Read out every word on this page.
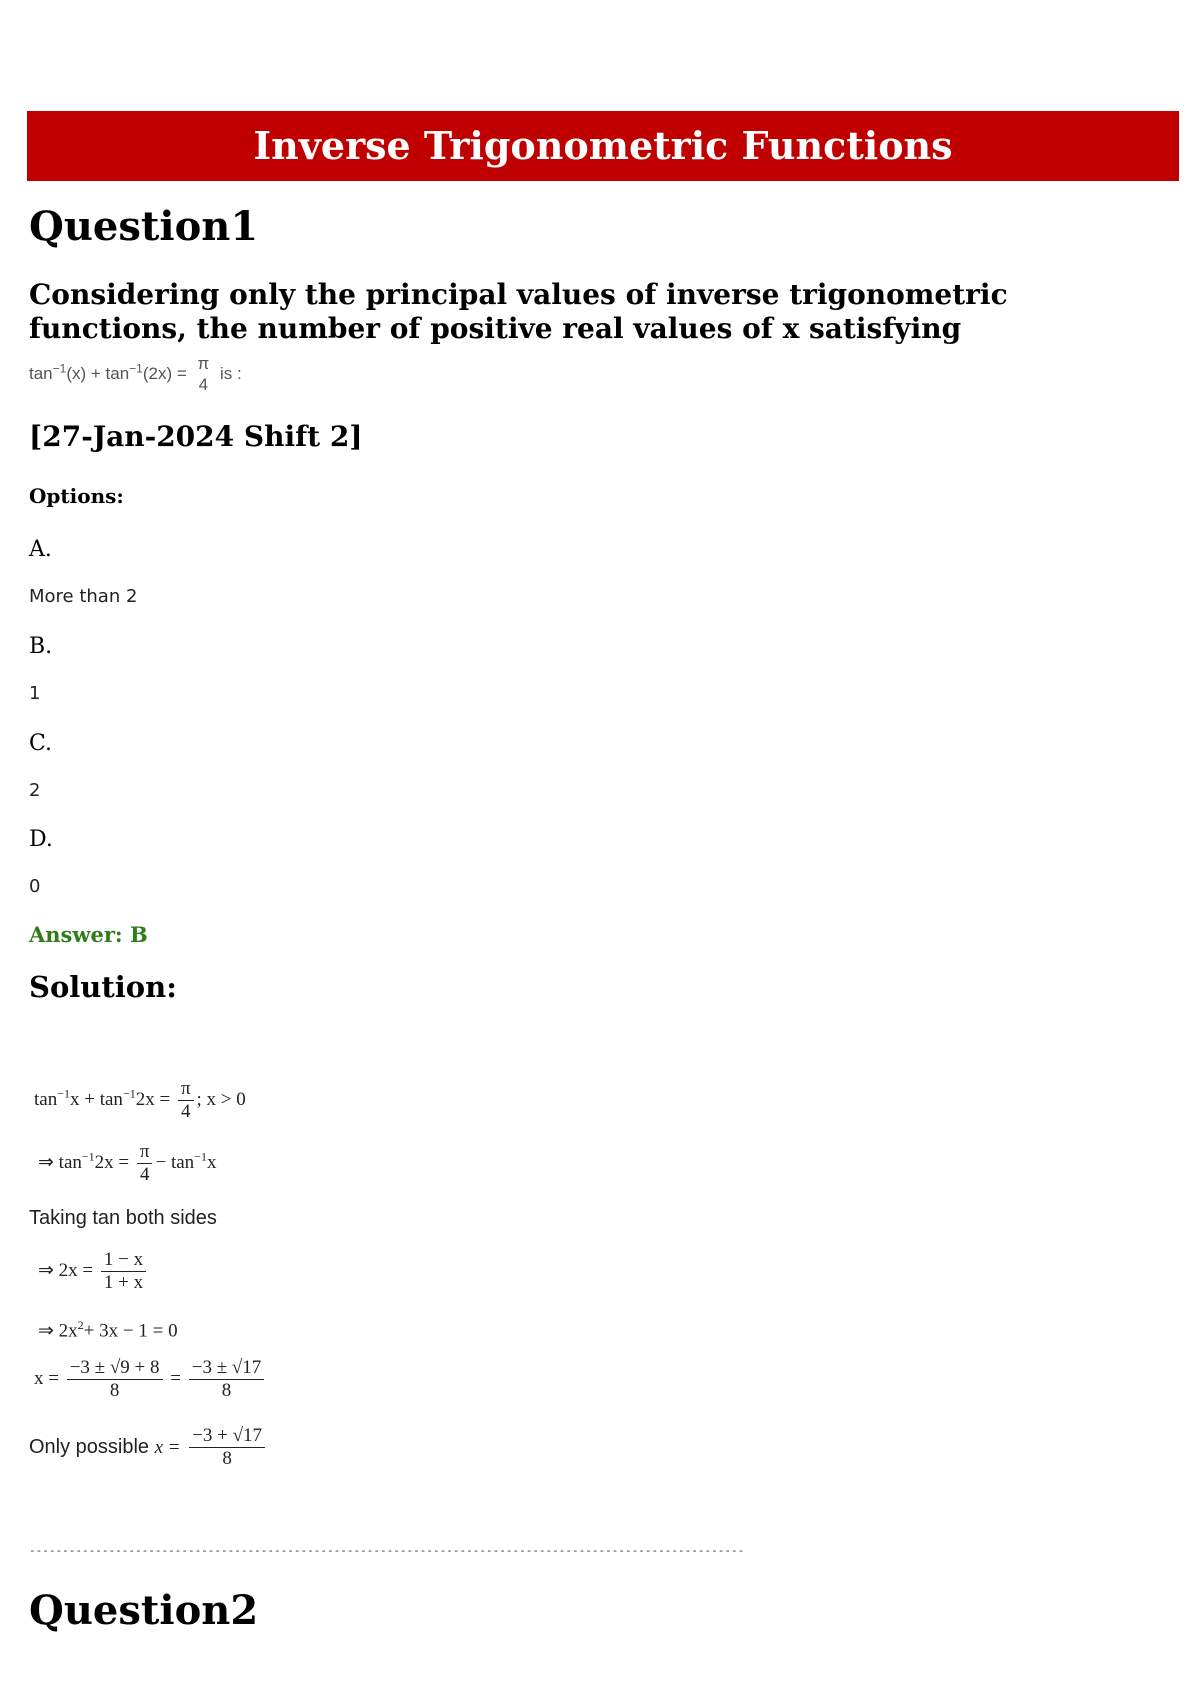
Inverse Trigonometric Functions
Question1
Considering only the principal values of inverse trigonometric functions, the number of positive real values of x satisfying
$\tan^{-1}(x) + \tan^{-1}(2x)$ =
π
4
is :
[27-Jan-2024 Shift 2]
Options:
A.
More than 2
B.
1
C.
2
D.
0
Answer: B
Solution:
$\tan^{-1}x + \tan^{-1}2x = \frac{\pi}{4}$ ; x > 0
⇒ $\tan^{-1}2x = \frac{\pi}{4} - \tan^{-1}x$
Taking tan both sides
⇒ $2x = \frac{1 - x}{1 + x}$
⇒ $2x^2+ 3x - 1 = 0$
$x = \frac{-3 \pm √9 + 8}{8} = \frac{-3 \pm √17}{8}$
Only possible $x = \frac{-3 + √17}{8}$
------------------------------------------------------------------------------------------------------------
Question2
